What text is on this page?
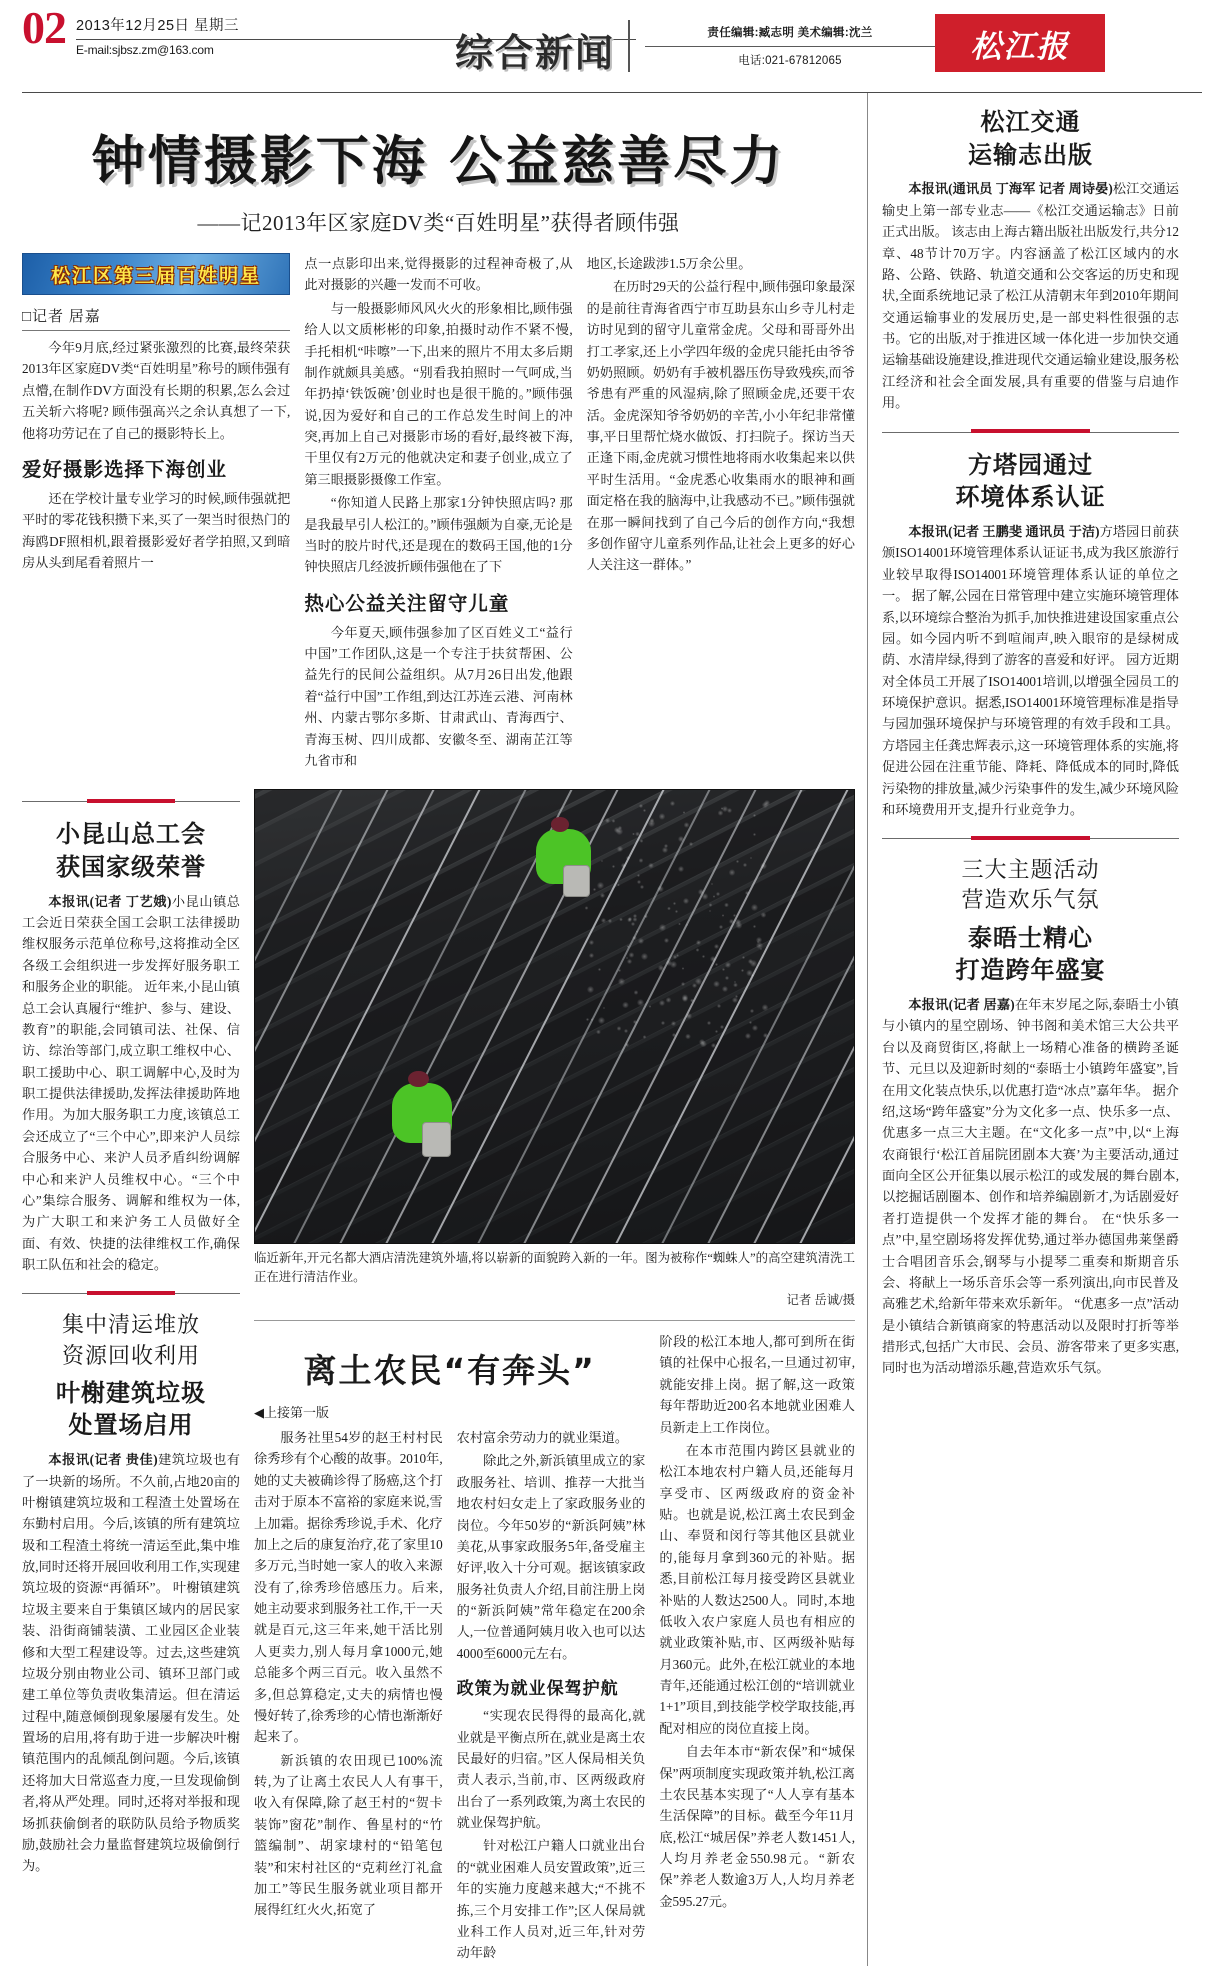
02 2013年12月25日 星期三
E-mail:sjbsz.zm@163.com	综合新闻	责任编辑:臧志明 美术编辑:沈兰
电话:021-67812065	松江报
钟情摄影下海 公益慈善尽力
——记2013年区家庭DV类“百姓明星”获得者顾伟强
松江区第三届百姓明星
□记者 居嘉

今年9月底,经过紧张激烈的比赛,最终荣获2013年区家庭DV类“百姓明星”称号的顾伟强有点懵,在制作DV方面没有长期的积累,怎么会过五关斩六将呢? 顾伟强高兴之余认真想了一下,他将功劳记在了自己的摄影特长上。

爱好摄影选择下海创业

还在学校计量专业学习的时候,顾伟强就把平时的零花钱积攒下来,买了一架当时很热门的海鸥DF照相机,跟着摄影爱好者学拍照,又到暗房从头到尾看着照片一

点一点影印出来,觉得摄影的过程神奇极了,从此对摄影的兴趣一发而不可收。

与一般摄影师风风火火的形象相比,顾伟强给人以文质彬彬的印象,拍摄时动作不紧不慢,手托相机“咔嚓”一下,出来的照片不用太多后期制作就颇具美感。“别看我拍照时一气呵成,当年扔掉‘铁饭碗’创业时也是很干脆的。”顾伟强说,因为爱好和自己的工作总发生时间上的冲突,再加上自己对摄影市场的看好,最终被下海,干里仅有2万元的他就决定和妻子创业,成立了第三眼摄影摄像工作室。

“你知道人民路上那家1分钟快照店吗? 那是我最早引人松江的。”顾伟强颇为自豪,无论是当时的胶片时代,还是现在的数码王国,他的1分钟快照店几经波折顾伟强他在了下

热心公益关注留守儿童

今年夏天,顾伟强参加了区百姓义工“益行中国”工作团队,这是一个专注于扶贫帮困、公益先行的民间公益组织。从7月26日出发,他跟着“益行中国”工作组,到达江苏连云港、河南林州、内蒙古鄂尔多斯、甘肃武山、青海西宁、青海玉树、四川成都、安徽冬至、湖南芷江等九省市和

地区,长途跋涉1.5万余公里。

在历时29天的公益行程中,顾伟强印象最深的是前往青海省西宁市互助县东山乡寺儿村走访时见到的留守儿童常金虎。父母和哥哥外出打工孝家,还上小学四年级的金虎只能托由爷爷奶奶照顾。奶奶有手被机器压伤导致残疾,而爷爷患有严重的风湿病,除了照顾金虎,还要干农活。金虎深知爷爷奶奶的辛苦,小小年纪非常懂事,平日里帮忙烧水做饭、打扫院子。探访当天正逢下雨,金虎就习惯性地将雨水收集起来以供平时生活用。“金虎悉心收集雨水的眼神和画面定格在我的脑海中,让我感动不已。”顾伟强就在那一瞬间找到了自己今后的创作方向,“我想多创作留守儿童系列作品,让社会上更多的好心人关注这一群体。”

小昆山总工会
获国家级荣誉

本报讯(记者 丁艺娥)小昆山镇总工会近日荣获全国工会职工法律援助维权服务示范单位称号,这将推动全区各级工会组织进一步发挥好服务职工和服务企业的职能。 近年来,小昆山镇总工会认真履行“维护、参与、建设、教育”的职能,会同镇司法、社保、信访、综治等部门,成立职工维权中心、职工援助中心、职工调解中心,及时为职工提供法律援助,发挥法律援助阵地作用。为加大服务职工力度,该镇总工会还成立了“三个中心”,即来沪人员综合服务中心、来沪人员矛盾纠纷调解中心和来沪人员维权中心。“三个中心”集综合服务、调解和维权为一体,为广大职工和来沪务工人员做好全面、有效、快捷的法律维权工作,确保职工队伍和社会的稳定。

集中清运堆放
资源回收利用
叶榭建筑垃圾
处置场启用

本报讯(记者 贵佳)建筑垃圾也有了一块新的场所。不久前,占地20亩的叶榭镇建筑垃圾和工程渣土处置场在东勤村启用。今后,该镇的所有建筑垃圾和工程渣土将统一清运至此,集中堆放,同时还将开展回收利用工作,实现建筑垃圾的资源“再循环”。 叶榭镇建筑垃圾主要来自于集镇区域内的居民家装、沿街商铺装潢、工业园区企业装修和大型工程建设等。过去,这些建筑垃圾分别由物业公司、镇环卫部门或建工单位等负责收集清运。但在清运过程中,随意倾倒现象屡屡有发生。处置场的启用,将有助于进一步解决叶榭镇范围内的乱倾乱倒问题。今后,该镇还将加大日常巡查力度,一旦发现偷倒者,将从严处理。同时,还将对举报和现场抓获偷倒者的联防队员给予物质奖励,鼓励社会力量监督建筑垃圾偷倒行为。

临近新年,开元名都大酒店清洗建筑外墙,将以崭新的面貌跨入新的一年。图为被称作“蜘蛛人”的高空建筑清洗工正在进行清洁作业。

记者 岳诚/摄

离土农民“有奔头”
◀上接第一版

服务社里54岁的赵王村村民徐秀珍有个心酸的故事。2010年,她的丈夫被确诊得了肠癌,这个打击对于原本不富裕的家庭来说,雪上加霜。据徐秀珍说,手术、化疗加上之后的康复治疗,花了家里10多万元,当时她一家人的收入来源没有了,徐秀珍倍感压力。后来,她主动要求到服务社工作,干一天就是百元,这三年来,她干活比别人更卖力,别人每月拿1000元,她总能多个两三百元。收入虽然不多,但总算稳定,丈夫的病情也慢慢好转了,徐秀珍的心情也渐渐好起来了。

新浜镇的农田现已100%流转,为了让离土农民人人有事干,收入有保障,除了赵王村的“贺卡装饰”窗花”制作、鲁星村的“竹篮编制”、胡家埭村的“铅笔包装”和宋村社区的“克莉丝汀礼盒加工”等民生服务就业项目都开展得红红火火,拓宽了

农村富余劳动力的就业渠道。

除此之外,新浜镇里成立的家政服务社、培训、推荐一大批当地农村妇女走上了家政服务业的岗位。今年50岁的“新浜阿姨”林美花,从事家政服务5年,备受雇主好评,收入十分可观。据该镇家政服务社负责人介绍,目前注册上岗的“新浜阿姨”常年稳定在200余人,一位普通阿姨月收入也可以达4000至6000元左右。

政策为就业保驾护航

“实现农民得得的最高化,就业就是平衡点所在,就业是离土农民最好的归宿。”区人保局相关负责人表示,当前,市、区两级政府出台了一系列政策,为离土农民的就业保驾护航。

针对松江户籍人口就业出台的“就业困难人员安置政策”,近三年的实施力度越来越大;“不挑不拣,三个月安排工作”;区人保局就业科工作人员对,近三年,针对劳动年龄

阶段的松江本地人,都可到所在街镇的社保中心报名,一旦通过初审,就能安排上岗。据了解,这一政策每年帮助近200名本地就业困难人员新走上工作岗位。

在本市范围内跨区县就业的松江本地农村户籍人员,还能每月享受市、区两级政府的资金补贴。也就是说,松江离土农民到金山、奉贤和闵行等其他区县就业的,能每月拿到360元的补贴。据悉,目前松江每月接受跨区县就业补贴的人数达2500人。同时,本地低收入农户家庭人员也有相应的就业政策补贴,市、区两级补贴每月360元。此外,在松江就业的本地青年,还能通过松江创的“培训就业1+1”项目,到技能学校学取技能,再配对相应的岗位直接上岗。

自去年本市“新农保”和“城保保”两项制度实现政策并轨,松江离土农民基本实现了“人人享有基本生活保障”的目标。截至今年11月底,松江“城居保”养老人数1451人,人均月养老金550.98元。“新农保”养老人数逾3万人,人均月养老金595.27元。

松江交通
运输志出版

本报讯(通讯员 丁海军 记者 周诗晏)松江交通运输史上第一部专业志——《松江交通运输志》日前正式出版。 该志由上海古籍出版社出版发行,共分12章、48节计70万字。内容涵盖了松江区域内的水路、公路、铁路、轨道交通和公交客运的历史和现状,全面系统地记录了松江从清朝末年到2010年期间交通运输事业的发展历史,是一部史料性很强的志书。它的出版,对于推进区域一体化进一步加快交通运输基础设施建设,推进现代交通运输业建设,服务松江经济和社会全面发展,具有重要的借鉴与启迪作用。

方塔园通过
环境体系认证

本报讯(记者 王鹏斐 通讯员 于洁)方塔园日前获颁ISO14001环境管理体系认证证书,成为我区旅游行业较早取得ISO14001环境管理体系认证的单位之一。 据了解,公园在日常管理中建立实施环境管理体系,以环境综合整治为抓手,加快推进建设国家重点公园。如今园内听不到喧闹声,映入眼帘的是绿树成荫、水清岸绿,得到了游客的喜爱和好评。 园方近期对全体员工开展了ISO14001培训,以增强全园员工的环境保护意识。据悉,ISO14001环境管理标准是指导与园加强环境保护与环境管理的有效手段和工具。 方塔园主任龚忠辉表示,这一环境管理体系的实施,将促进公园在注重节能、降耗、降低成本的同时,降低污染物的排放量,减少污染事件的发生,减少环境风险和环境费用开支,提升行业竞争力。

三大主题活动
营造欢乐气氛
泰晤士精心
打造跨年盛宴

本报讯(记者 居嘉)在年末岁尾之际,泰晤士小镇与小镇内的星空剧场、钟书阁和美术馆三大公共平台以及商贸街区,将献上一场精心准备的横跨圣诞节、元旦以及迎新时刻的“泰晤士小镇跨年盛宴”,旨在用文化装点快乐,以优惠打造“冰点”嘉年华。 据介绍,这场“跨年盛宴”分为文化多一点、快乐多一点、优惠多一点三大主题。在“文化多一点”中,以“上海农商银行‘松江首届院团剧本大赛’为主要活动,通过面向全区公开征集以展示松江的或发展的舞台剧本,以挖掘话剧圈本、创作和培养编剧新才,为话剧爱好者打造提供一个发挥才能的舞台。 在“快乐多一点”中,星空剧场将发挥优势,通过举办德国弗莱堡爵士合唱团音乐会,钢琴与小提琴二重奏和斯期音乐会、将献上一场乐音乐会等一系列演出,向市民普及高雅艺术,给新年带来欢乐新年。 “优惠多一点”活动是小镇结合新镇商家的特惠活动以及限时打折等举措形式,包括广大市民、会员、游客带来了更多实惠,同时也为活动增添乐趣,营造欢乐气氛。
